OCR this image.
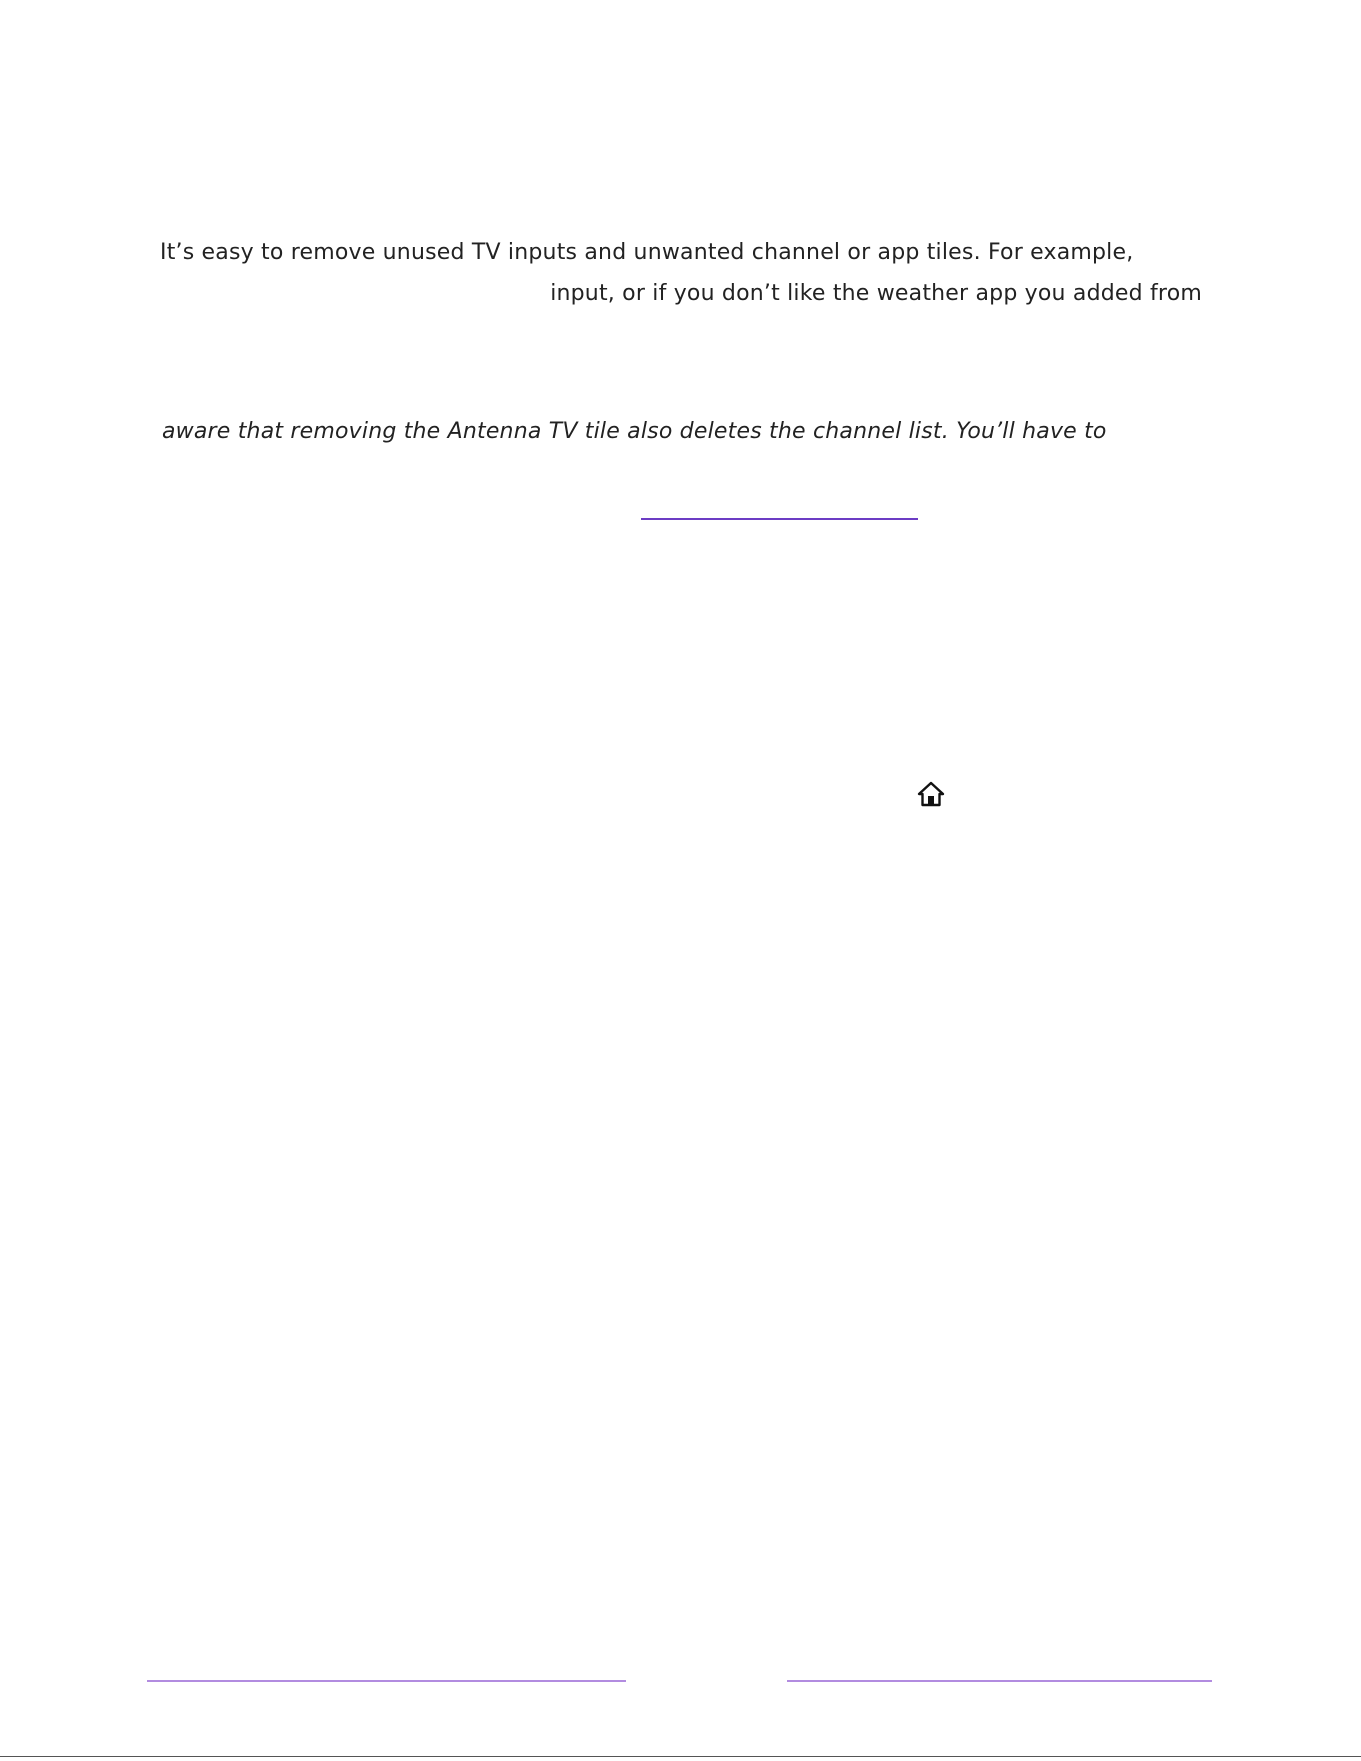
It’s easy to remove unused TV inputs and unwanted channel or app tiles. For example,
input, or if you don’t like the weather app you added from
aware that removing the Antenna TV tile also deletes the channel list. You’ll have to
